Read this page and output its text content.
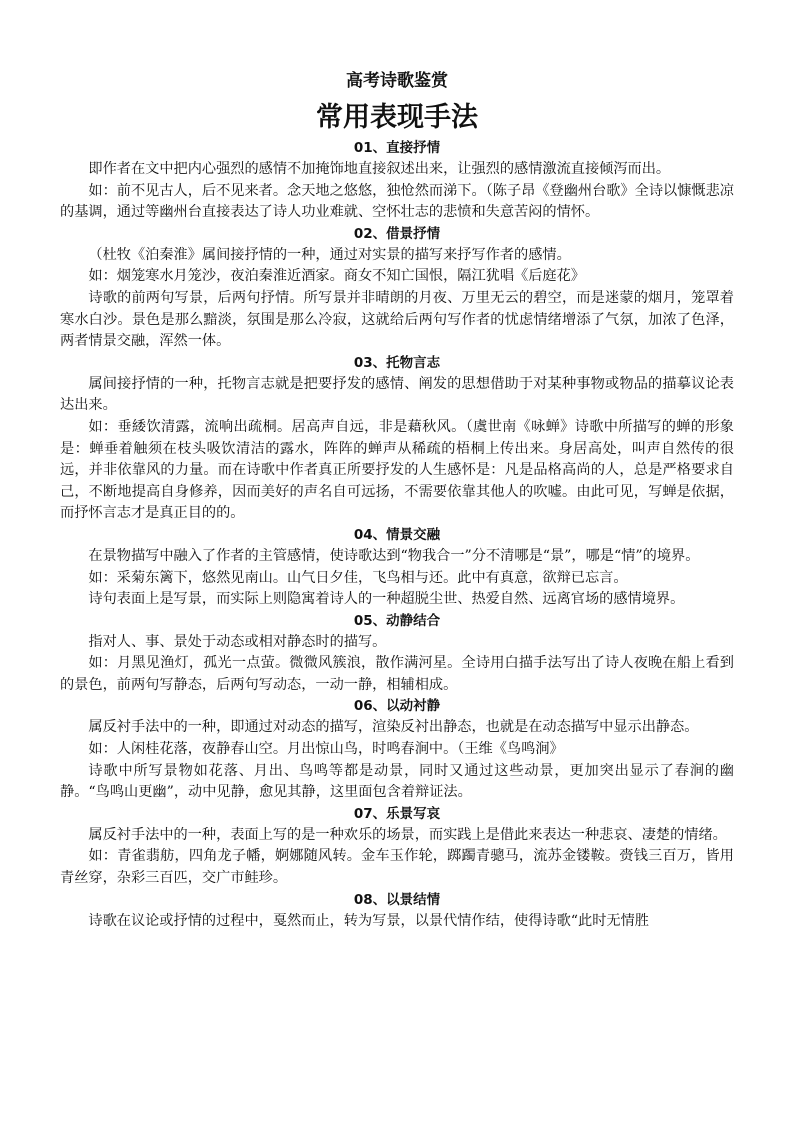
高考诗歌鉴赏
常用表现手法
01、直接抒情

即作者在文中把内心强烈的感情不加掩饰地直接叙述出来，让强烈的感情激流直接倾泻而出。

如：前不见古人，后不见来者。念天地之悠悠，独怆然而涕下。（陈子昂《登幽州台歌》全诗以慷慨悲凉的基调，通过等幽州台直接表达了诗人功业难就、空怀壮志的悲愤和失意苦闷的情怀。

02、借景抒情

（杜牧《泊秦淮》属间接抒情的一种，通过对实景的描写来抒写作者的感情。

如：烟笼寒水月笼沙，夜泊秦淮近酒家。商女不知亡国恨，隔江犹唱《后庭花》

诗歌的前两句写景，后两句抒情。所写景并非晴朗的月夜、万里无云的碧空，而是迷蒙的烟月，笼罩着寒水白沙。景色是那么黯淡，氛围是那么冷寂，这就给后两句写作者的忧虑情绪增添了气氛，加浓了色泽，两者情景交融，浑然一体。

03、托物言志

属间接抒情的一种，托物言志就是把要抒发的感情、阐发的思想借助于对某种事物或物品的描摹议论表达出来。

如：垂緌饮清露，流响出疏桐。居高声自远，非是藉秋风。（虞世南《咏蝉》诗歌中所描写的蝉的形象是：蝉垂着触须在枝头吸饮清洁的露水，阵阵的蝉声从稀疏的梧桐上传出来。身居高处，叫声自然传的很远，并非依靠风的力量。而在诗歌中作者真正所要抒发的人生感怀是：凡是品格高尚的人，总是严格要求自己，不断地提高自身修养，因而美好的声名自可远扬，不需要依靠其他人的吹嘘。由此可见，写蝉是依据，而抒怀言志才是真正目的的。

04、情景交融

在景物描写中融入了作者的主管感情，使诗歌达到“物我合一”分不清哪是“景”，哪是“情”的境界。

如：采菊东篱下，悠然见南山。山气日夕佳，飞鸟相与还。此中有真意，欲辩已忘言。

诗句表面上是写景，而实际上则隐寓着诗人的一种超脱尘世、热爱自然、远离官场的感情境界。

05、动静结合

指对人、事、景处于动态或相对静态时的描写。

如：月黑见渔灯，孤光一点萤。微微风簇浪，散作满河星。全诗用白描手法写出了诗人夜晚在船上看到的景色，前两句写静态，后两句写动态，一动一静，相辅相成。

06、以动衬静

属反衬手法中的一种，即通过对动态的描写，渲染反衬出静态，也就是在动态描写中显示出静态。

如：人闲桂花落，夜静春山空。月出惊山鸟，时鸣春涧中。（王维《鸟鸣涧》

诗歌中所写景物如花落、月出、鸟鸣等都是动景，同时又通过这些动景，更加突出显示了春涧的幽静。“鸟鸣山更幽”，动中见静，愈见其静，这里面包含着辩证法。

07、乐景写哀

属反衬手法中的一种，表面上写的是一种欢乐的场景，而实践上是借此来表达一种悲哀、凄楚的情绪。

如：青雀翡舫，四角龙子幡，婀娜随风转。金车玉作轮，踯躅青骢马，流苏金镂鞍。赍钱三百万，皆用青丝穿，杂彩三百匹，交广市鲑珍。

08、以景结情

诗歌在议论或抒情的过程中，戛然而止，转为写景，以景代情作结，使得诗歌“此时无情胜
